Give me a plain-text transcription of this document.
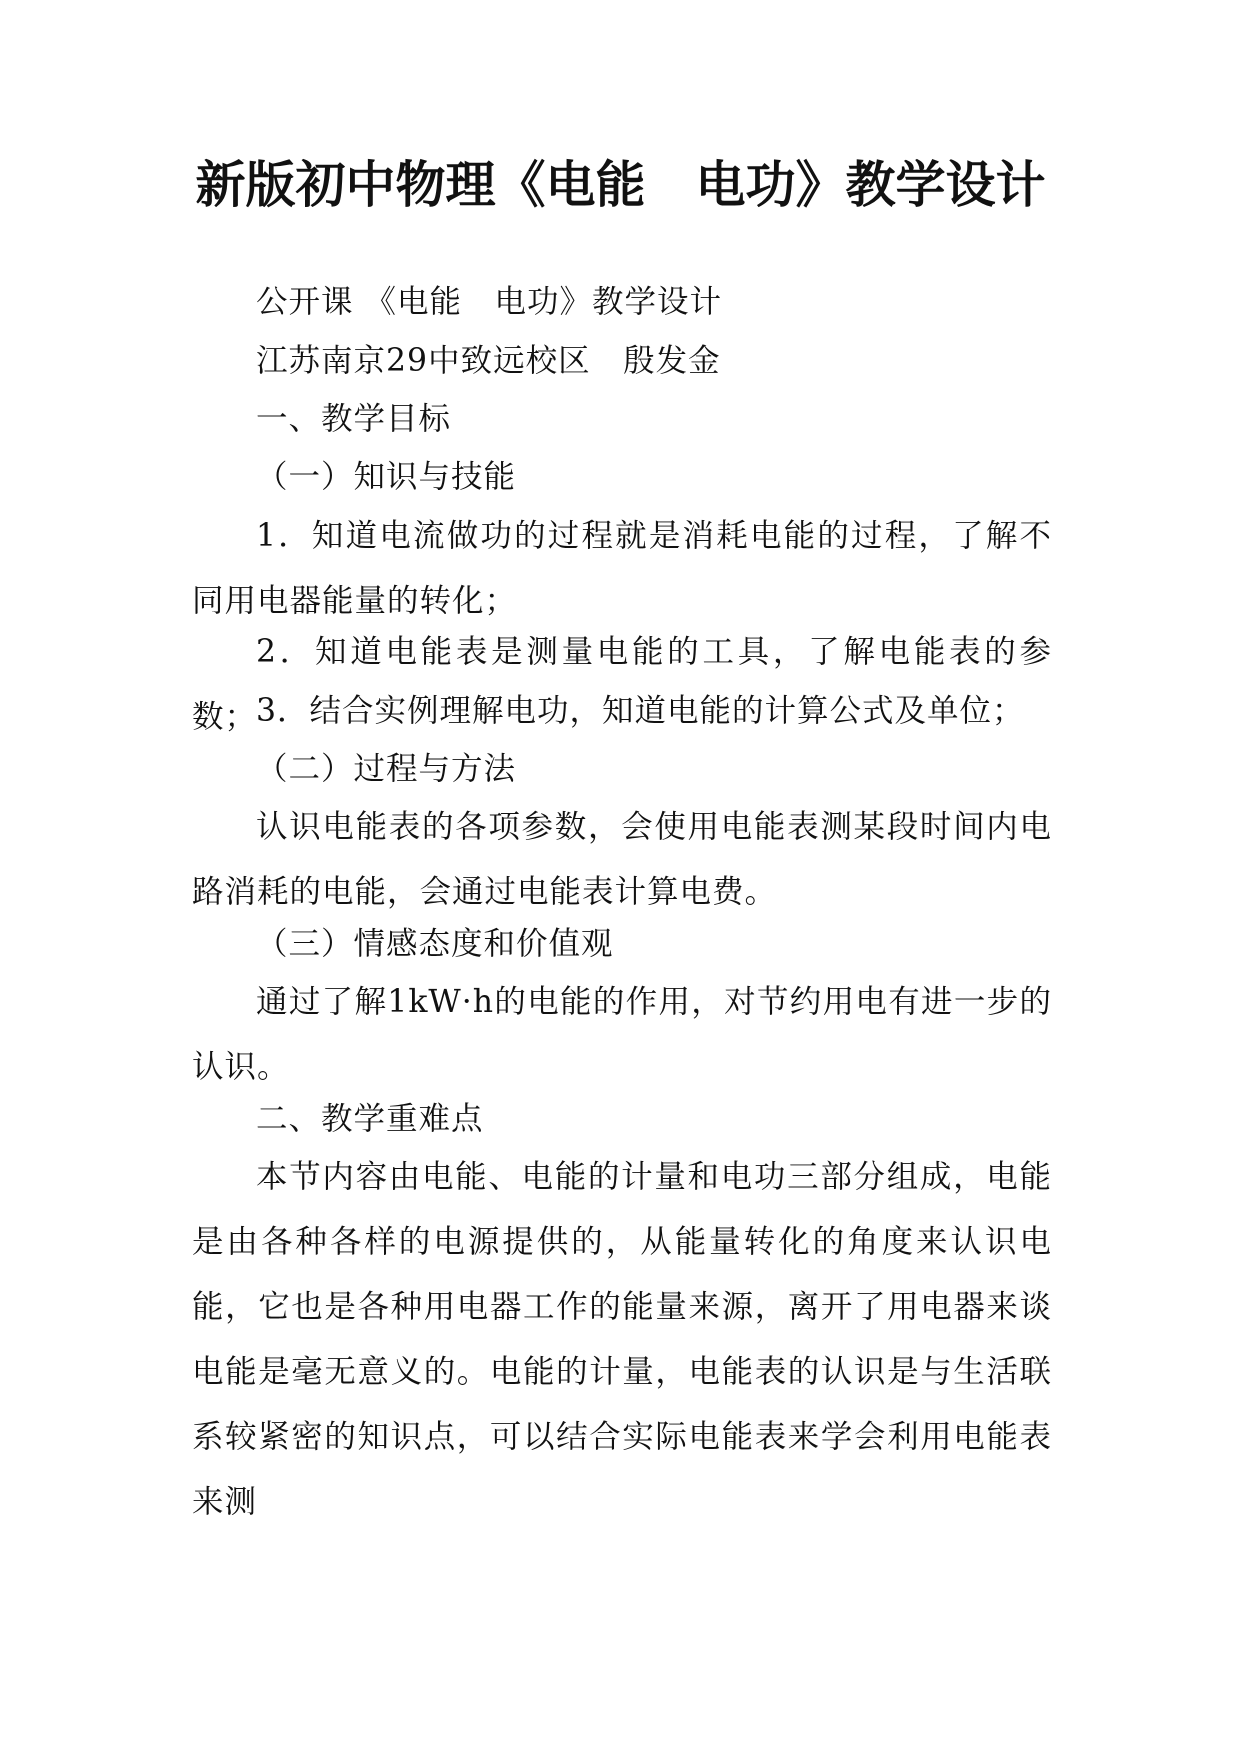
新版初中物理《电能　电功》教学设计

公开课 《电能　电功》教学设计

江苏南京29中致远校区　殷发金

一、教学目标

（一）知识与技能

1．知道电流做功的过程就是消耗电能的过程，了解不同用电器能量的转化；

2．知道电能表是测量电能的工具，了解电能表的参数；

3．结合实例理解电功，知道电能的计算公式及单位；

（二）过程与方法

认识电能表的各项参数，会使用电能表测某段时间内电路消耗的电能，会通过电能表计算电费。

（三）情感态度和价值观

通过了解1kW·h的电能的作用，对节约用电有进一步的认识。

二、教学重难点

本节内容由电能、电能的计量和电功三部分组成，电能是由各种各样的电源提供的，从能量转化的角度来认识电能，它也是各种用电器工作的能量来源，离开了用电器来谈电能是毫无意义的。电能的计量，电能表的认识是与生活联系较紧密的知识点，可以结合实际电能表来学会利用电能表来测
